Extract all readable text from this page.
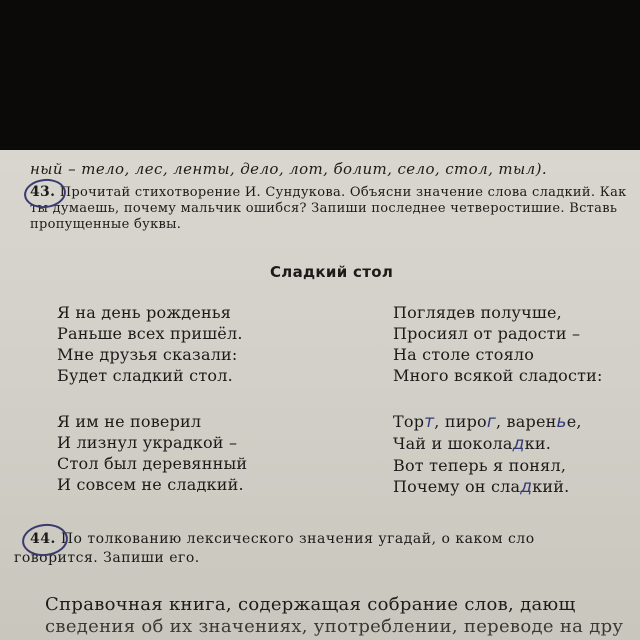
ный – тело, лес, ленты, дело, лот, болит, село, стол, тыл).
43. Прочитай стихотворение И. Сундукова. Объясни значение слова сладкий. Как ты думаешь, почему мальчик ошибся? Запиши последнее четверостишие. Вставь пропущенные буквы.
Сладкий стол
Я на день рожденья
Раньше всех пришёл.
Мне друзья сказали:
Будет сладкий стол.
Поглядев получше,
Просиял от радости –
На столе стояло
Много всякой сладости:
Я им не поверил
И лизнул украдкой –
Стол был деревянный
И совсем не сладкий.
Торт, пирог, варенье,
Чай и шоколадки.
Вот теперь я понял,
Почему он сладкий.
44. По толкованию лексического значения угадай, о каком сло
говорится. Запиши его.
Справочная книга, содержащая собрание слов, дающ
сведения об их значениях, употреблении, переводе на дру
